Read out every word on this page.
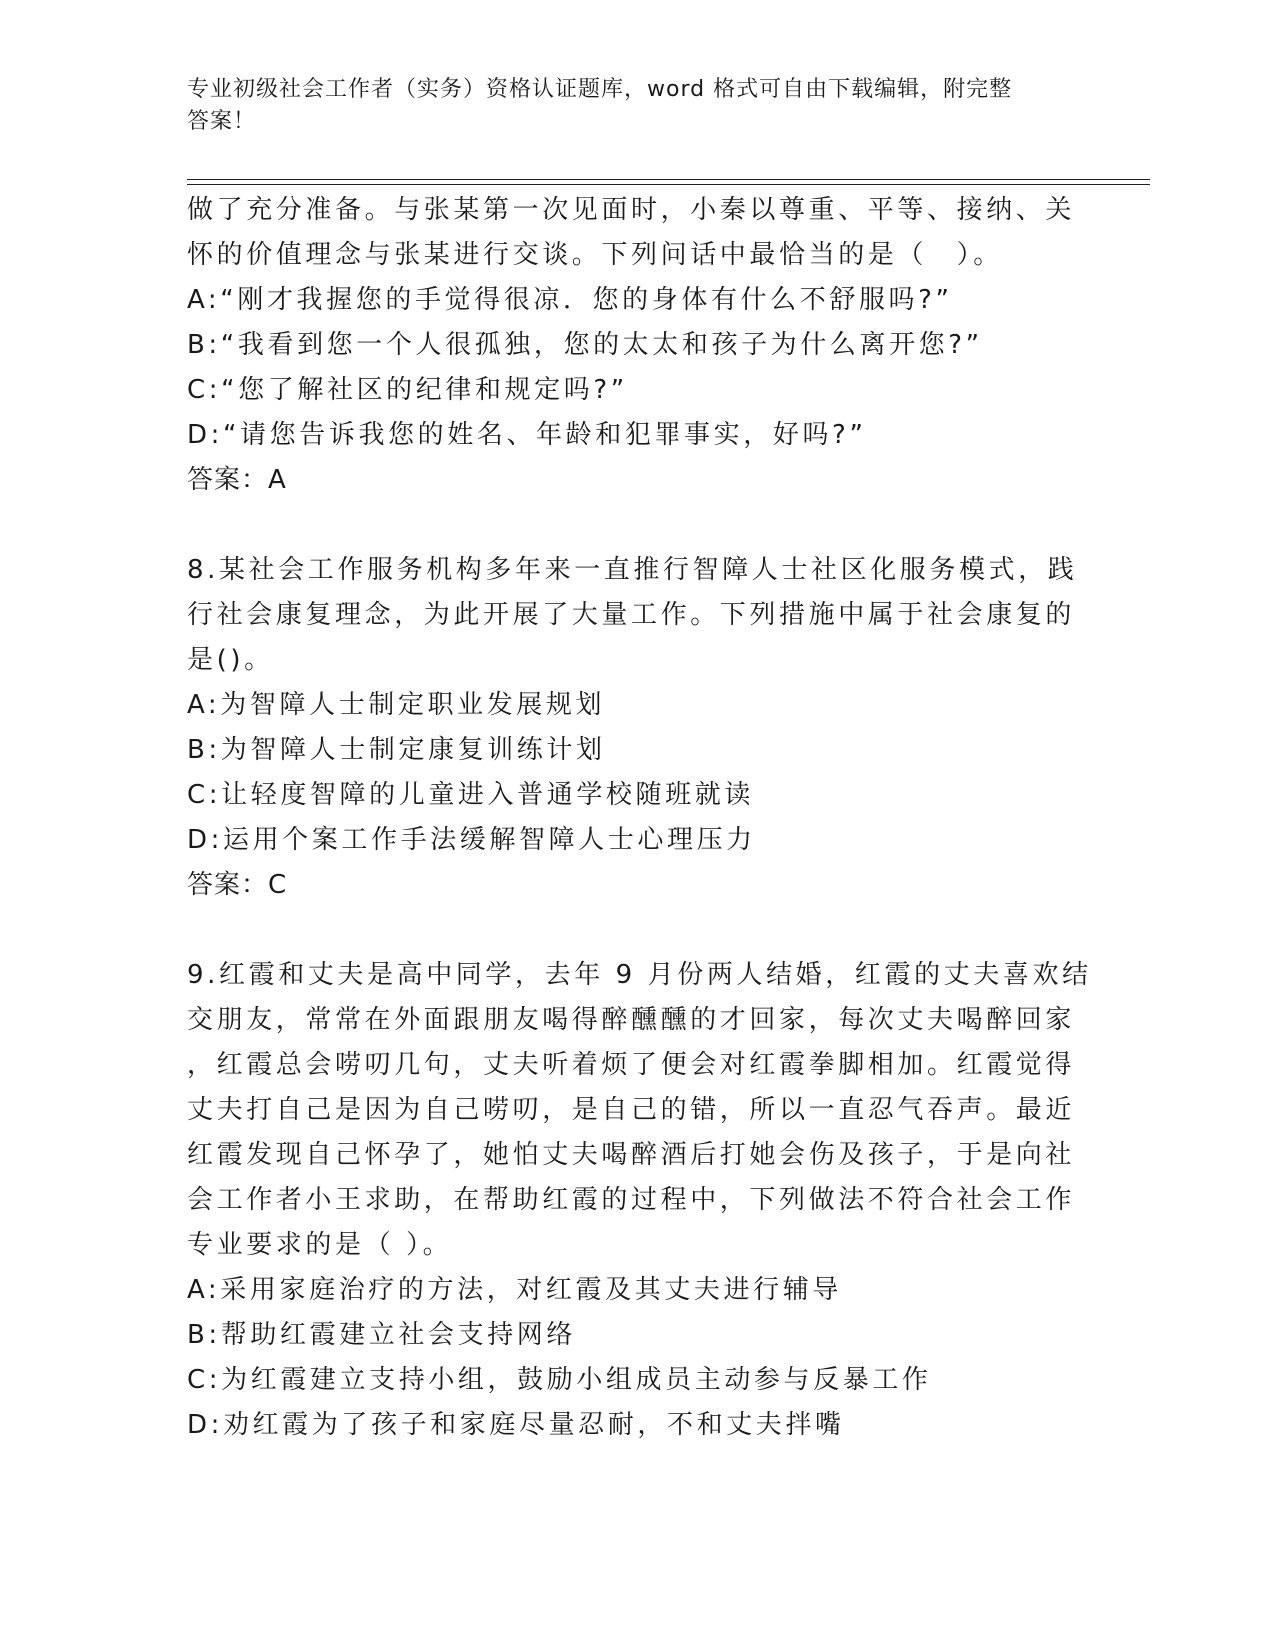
专业初级社会工作者（实务）资格认证题库，word 格式可自由下载编辑，附完整
答案！
做了充分准备。与张某第一次见面时，小秦以尊重、平等、接纳、关
怀的价值理念与张某进行交谈。下列问话中最恰当的是（　）。
A:“刚才我握您的手觉得很凉．您的身体有什么不舒服吗?”
B:“我看到您一个人很孤独，您的太太和孩子为什么离开您?”
C:“您了解社区的纪律和规定吗?”
D:“请您告诉我您的姓名、年龄和犯罪事实，好吗?”
答案：A
8.某社会工作服务机构多年来一直推行智障人士社区化服务模式，践
行社会康复理念，为此开展了大量工作。下列措施中属于社会康复的
是()。
A:为智障人士制定职业发展规划
B:为智障人士制定康复训练计划
C:让轻度智障的儿童进入普通学校随班就读
D:运用个案工作手法缓解智障人士心理压力
答案：C
9.红霞和丈夫是高中同学，去年 9 月份两人结婚，红霞的丈夫喜欢结
交朋友，常常在外面跟朋友喝得醉醺醺的才回家，每次丈夫喝醉回家
，红霞总会唠叨几句，丈夫听着烦了便会对红霞拳脚相加。红霞觉得
丈夫打自己是因为自己唠叨，是自己的错，所以一直忍气吞声。最近
红霞发现自己怀孕了，她怕丈夫喝醉酒后打她会伤及孩子，于是向社
会工作者小王求助，在帮助红霞的过程中，下列做法不符合社会工作
专业要求的是（ ）。
A:采用家庭治疗的方法，对红霞及其丈夫进行辅导
B:帮助红霞建立社会支持网络
C:为红霞建立支持小组，鼓励小组成员主动参与反暴工作
D:劝红霞为了孩子和家庭尽量忍耐，不和丈夫拌嘴
